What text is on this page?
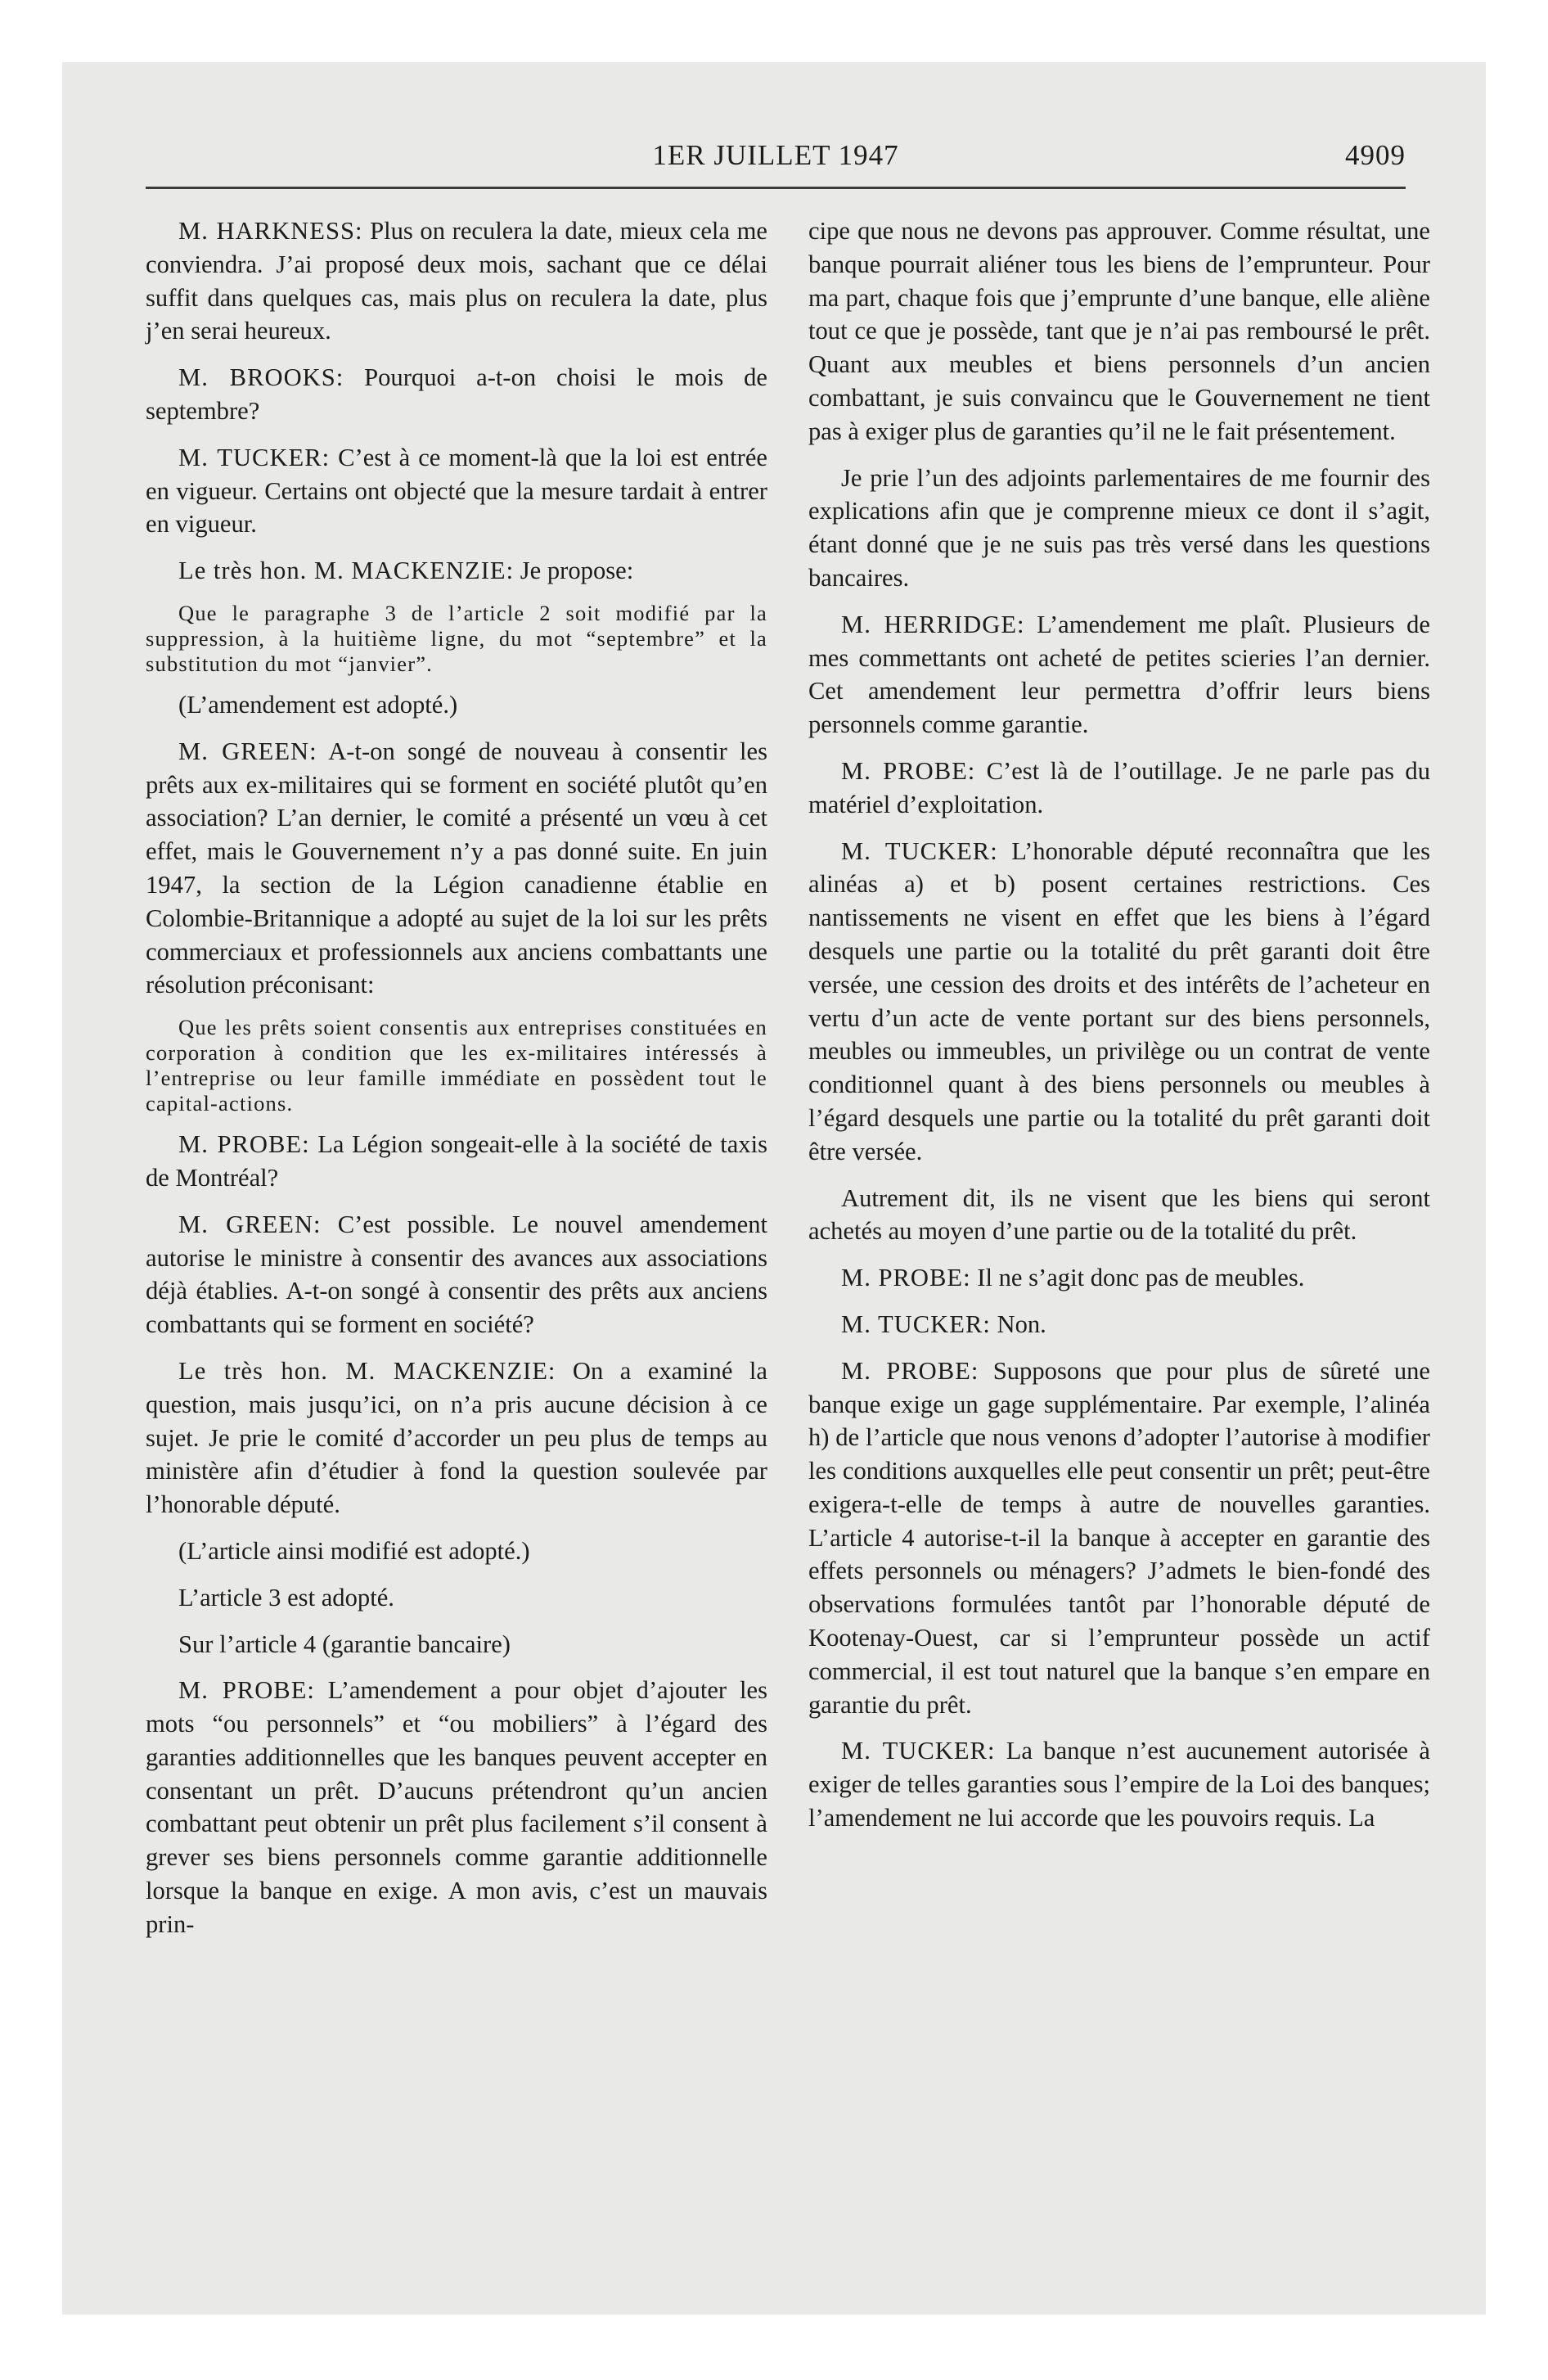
1ER JUILLET 1947	4909

M. HARKNESS: Plus on reculera la date, mieux cela me conviendra. J’ai proposé deux mois, sachant que ce délai suffit dans quelques cas, mais plus on reculera la date, plus j’en serai heureux.

M. BROOKS: Pourquoi a-t-on choisi le mois de septembre?

M. TUCKER: C’est à ce moment-là que la loi est entrée en vigueur. Certains ont objecté que la mesure tardait à entrer en vigueur.

Le très hon. M. MACKENZIE: Je propose:

Que le paragraphe 3 de l’article 2 soit modifié par la suppression, à la huitième ligne, du mot “septembre” et la substitution du mot “janvier”.

(L’amendement est adopté.)

M. GREEN: A-t-on songé de nouveau à consentir les prêts aux ex-militaires qui se forment en société plutôt qu’en association? L’an dernier, le comité a présenté un vœu à cet effet, mais le Gouvernement n’y a pas donné suite. En juin 1947, la section de la Légion canadienne établie en Colombie-Britannique a adopté au sujet de la loi sur les prêts commerciaux et professionnels aux anciens combattants une résolution préconisant:

Que les prêts soient consentis aux entreprises constituées en corporation à condition que les ex-militaires intéressés à l’entreprise ou leur famille immédiate en possèdent tout le capital-actions.

M. PROBE: La Légion songeait-elle à la société de taxis de Montréal?

M. GREEN: C’est possible. Le nouvel amendement autorise le ministre à consentir des avances aux associations déjà établies. A-t-on songé à consentir des prêts aux anciens combattants qui se forment en société?

Le très hon. M. MACKENZIE: On a examiné la question, mais jusqu’ici, on n’a pris aucune décision à ce sujet. Je prie le comité d’accorder un peu plus de temps au ministère afin d’étudier à fond la question soulevée par l’honorable député.

(L’article ainsi modifié est adopté.)

L’article 3 est adopté.

Sur l’article 4 (garantie bancaire)

M. PROBE: L’amendement a pour objet d’ajouter les mots “ou personnels” et “ou mobiliers” à l’égard des garanties additionnelles que les banques peuvent accepter en consentant un prêt. D’aucuns prétendront qu’un ancien combattant peut obtenir un prêt plus facilement s’il consent à grever ses biens personnels comme garantie additionnelle lorsque la banque en exige. A mon avis, c’est un mauvais prin-

cipe que nous ne devons pas approuver. Comme résultat, une banque pourrait aliéner tous les biens de l’emprunteur. Pour ma part, chaque fois que j’emprunte d’une banque, elle aliène tout ce que je possède, tant que je n’ai pas remboursé le prêt. Quant aux meubles et biens personnels d’un ancien combattant, je suis convaincu que le Gouvernement ne tient pas à exiger plus de garanties qu’il ne le fait présentement.

Je prie l’un des adjoints parlementaires de me fournir des explications afin que je comprenne mieux ce dont il s’agit, étant donné que je ne suis pas très versé dans les questions bancaires.

M. HERRIDGE: L’amendement me plaît. Plusieurs de mes commettants ont acheté de petites scieries l’an dernier. Cet amendement leur permettra d’offrir leurs biens personnels comme garantie.

M. PROBE: C’est là de l’outillage. Je ne parle pas du matériel d’exploitation.

M. TUCKER: L’honorable député reconnaîtra que les alinéas a) et b) posent certaines restrictions. Ces nantissements ne visent en effet que les biens à l’égard desquels une partie ou la totalité du prêt garanti doit être versée, une cession des droits et des intérêts de l’acheteur en vertu d’un acte de vente portant sur des biens personnels, meubles ou immeubles, un privilège ou un contrat de vente conditionnel quant à des biens personnels ou meubles à l’égard desquels une partie ou la totalité du prêt garanti doit être versée.

Autrement dit, ils ne visent que les biens qui seront achetés au moyen d’une partie ou de la totalité du prêt.

M. PROBE: Il ne s’agit donc pas de meubles.

M. TUCKER: Non.

M. PROBE: Supposons que pour plus de sûreté une banque exige un gage supplémentaire. Par exemple, l’alinéa h) de l’article que nous venons d’adopter l’autorise à modifier les conditions auxquelles elle peut consentir un prêt; peut-être exigera-t-elle de temps à autre de nouvelles garanties. L’article 4 autorise-t-il la banque à accepter en garantie des effets personnels ou ménagers? J’admets le bien-fondé des observations formulées tantôt par l’honorable député de Kootenay-Ouest, car si l’emprunteur possède un actif commercial, il est tout naturel que la banque s’en empare en garantie du prêt.

M. TUCKER: La banque n’est aucunement autorisée à exiger de telles garanties sous l’empire de la Loi des banques; l’amendement ne lui accorde que les pouvoirs requis. La
